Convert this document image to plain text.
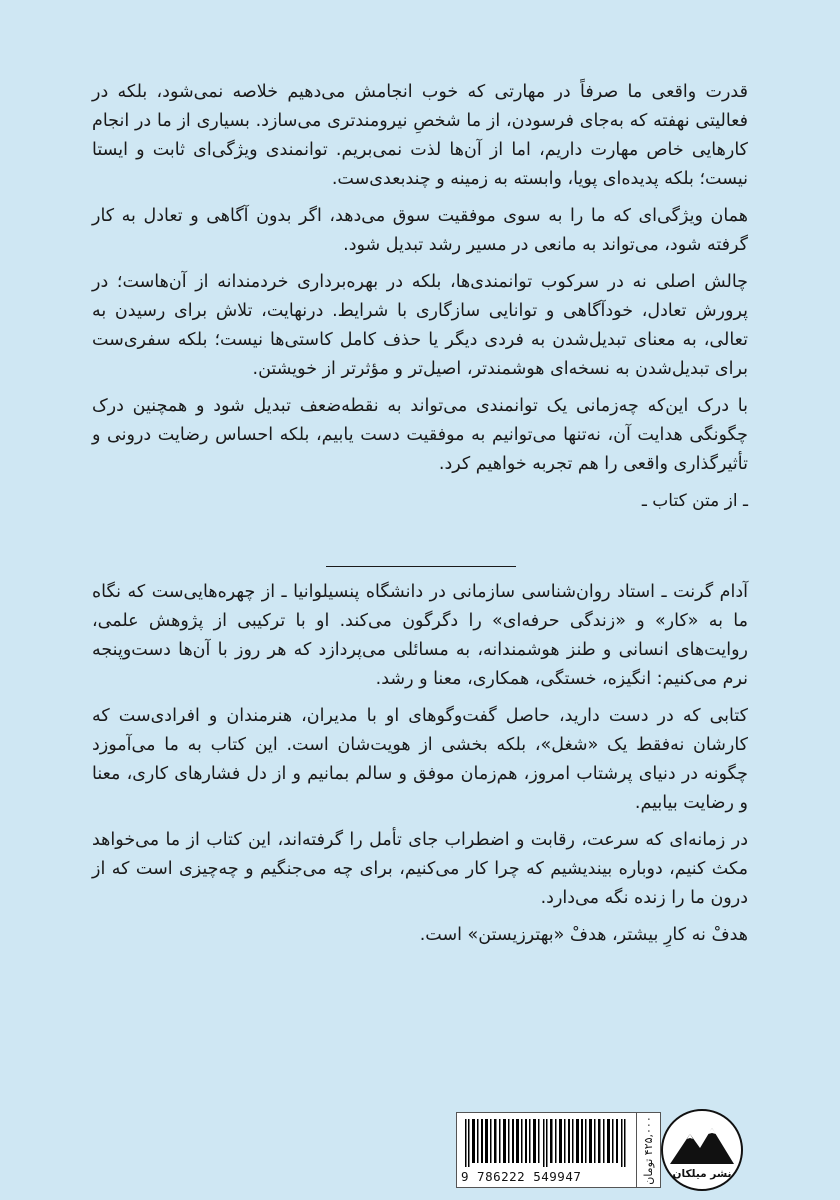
قدرت واقعی ما صرفاً در مهارتی که خوب انجامش می‌دهیم خلاصه نمی‌شود، بلکه در فعالیتی نهفته که به‌جای فرسودن، از ما شخصِ نیرومندتری می‌سازد. بسیاری از ما در انجام کارهایی خاص مهارت داریم، اما از آن‌ها لذت نمی‌بریم. توانمندی ویژگی‌ای ثابت و ایستا نیست؛ بلکه پدیده‌ای پویا، وابسته به زمینه و چندبعدی‌ست.

همان ویژگی‌ای که ما را به سوی موفقیت سوق می‌دهد، اگر بدون آگاهی و تعادل به کار گرفته شود، می‌تواند به مانعی در مسیر رشد تبدیل شود.

چالش اصلی نه در سرکوب توانمندی‌ها، بلکه در بهره‌برداری خردمندانه از آن‌هاست؛ در پرورش تعادل، خودآگاهی و توانایی سازگاری با شرایط. درنهایت، تلاش برای رسیدن به تعالی، به معنای تبدیل‌شدن به فردی دیگر یا حذف کامل کاستی‌ها نیست؛ بلکه سفری‌ست برای تبدیل‌شدن به نسخه‌ای هوشمندتر، اصیل‌تر و مؤثرتر از خویشتن.

با درک این‌که چه‌زمانی یک توانمندی می‌تواند به نقطه‌ضعف تبدیل شود و همچنین درک چگونگی هدایت آن، نه‌تنها می‌توانیم به موفقیت دست یابیم، بلکه احساس رضایت درونی و تأثیرگذاری واقعی را هم تجربه خواهیم کرد.

ـ از متن کتاب ـ

آدام گرنت ـ استاد روان‌شناسی سازمانی در دانشگاه پنسیلوانیا ـ از چهره‌هایی‌ست که نگاه ما به «کار» و «زندگی حرفه‌ای» را دگرگون می‌کند. او با ترکیبی از پژوهش علمی، روایت‌های انسانی و طنز هوشمندانه، به مسائلی می‌پردازد که هر روز با آن‌ها دست‌وپنجه نرم می‌کنیم: انگیزه، خستگی، همکاری، معنا و رشد.

کتابی که در دست دارید، حاصل گفت‌وگوهای او با مدیران، هنرمندان و افرادی‌ست که کارشان نه‌فقط یک «شغل»، بلکه بخشی از هویت‌شان است. این کتاب به ما می‌آموزد چگونه در دنیای پرشتاب امروز، هم‌زمان موفق و سالم بمانیم و از دل فشارهای کاری، معنا و رضایت بیابیم.

در زمانه‌ای که سرعت، رقابت و اضطراب جای تأمل را گرفته‌اند، این کتاب از ما می‌خواهد مکث کنیم، دوباره بیندیشیم که چرا کار می‌کنیم، برای چه می‌جنگیم و چه‌چیزی است که از درون ما را زنده نگه می‌دارد.

هدفْ نه کارِ بیشتر، هدفْ «بهترزیستن» است.

9 786222 549947	۴۲۵,۰۰۰ تومان
نشر میلکان
